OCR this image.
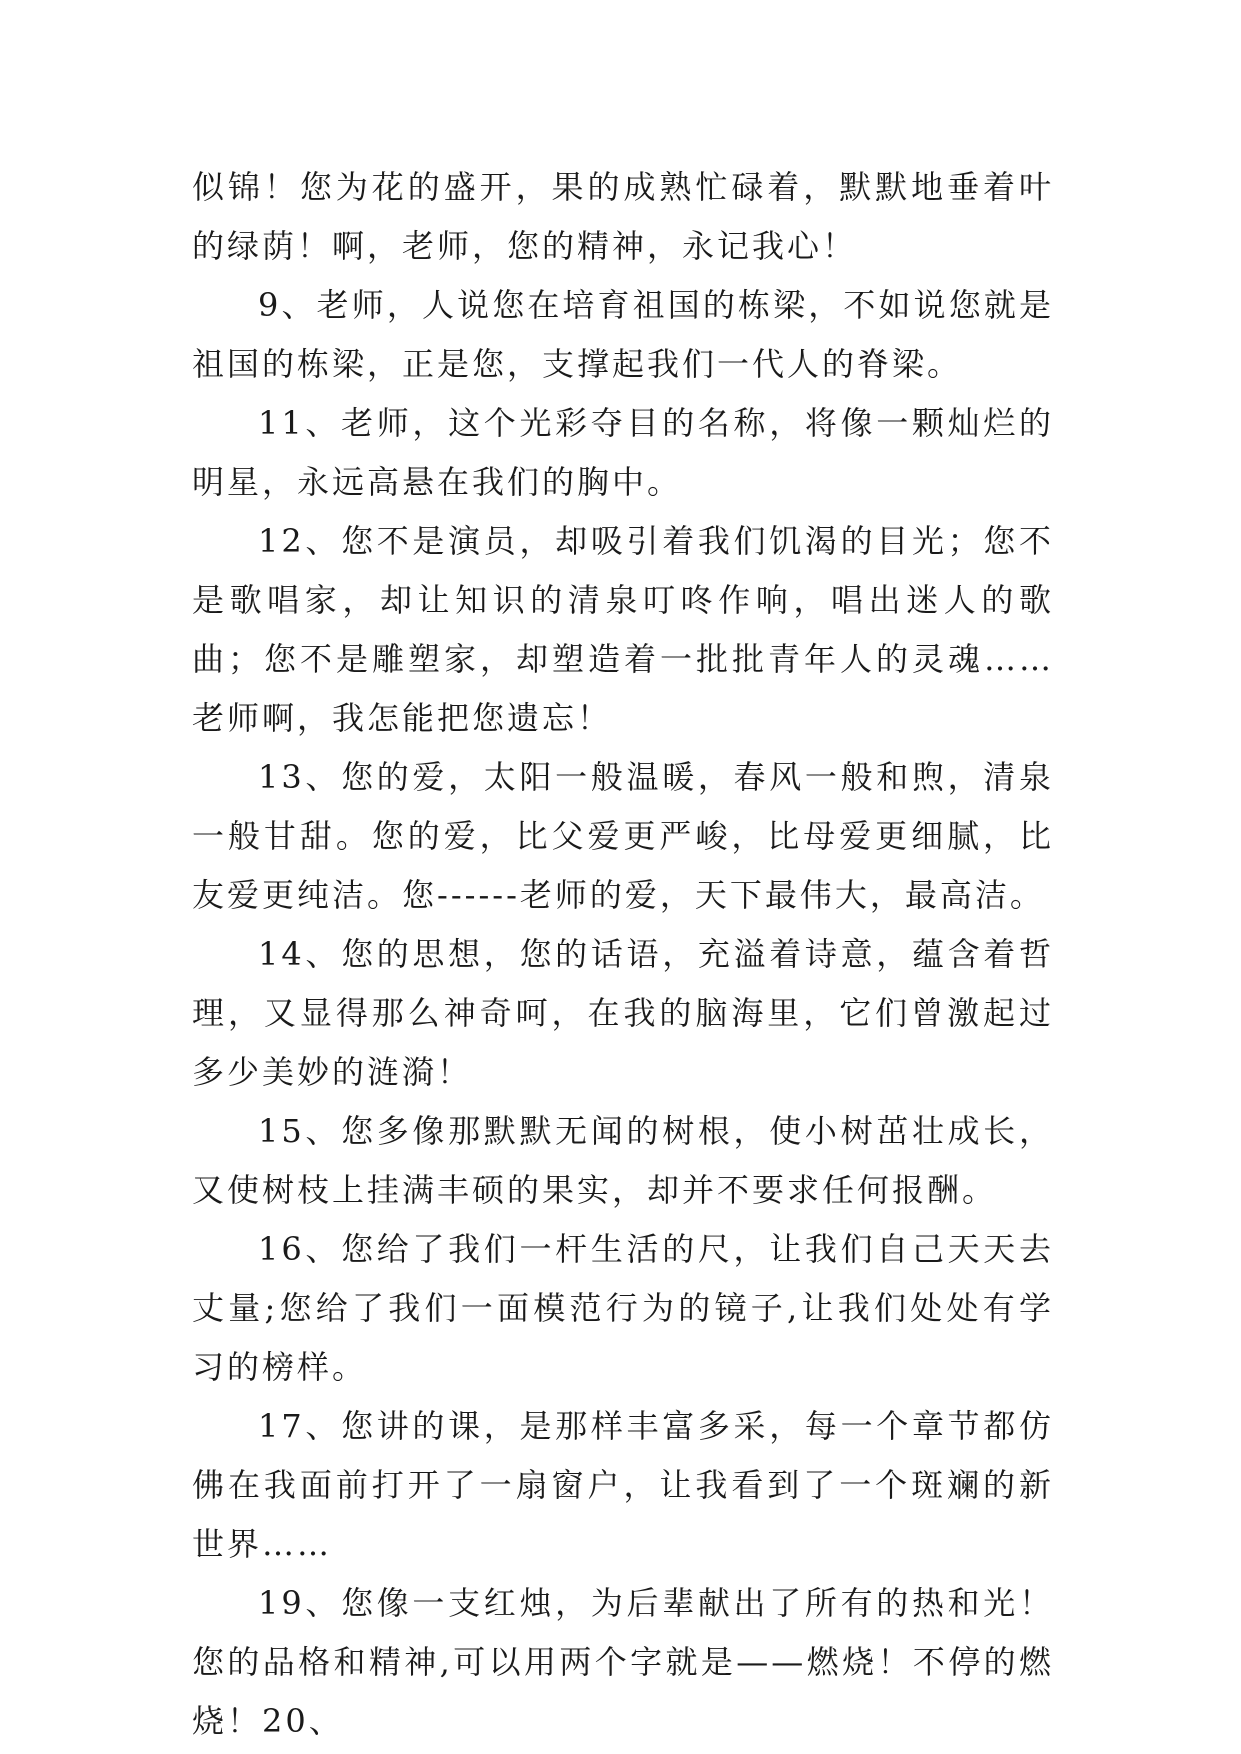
似锦！您为花的盛开，果的成熟忙碌着，默默地垂着叶的绿荫！啊，老师，您的精神，永记我心！

9、老师，人说您在培育祖国的栋梁，不如说您就是祖国的栋梁，正是您，支撑起我们一代人的脊梁。

11、老师，这个光彩夺目的名称，将像一颗灿烂的明星，永远高悬在我们的胸中。

12、您不是演员，却吸引着我们饥渴的目光；您不是歌唱家，却让知识的清泉叮咚作响，唱出迷人的歌曲；您不是雕塑家，却塑造着一批批青年人的灵魂……老师啊，我怎能把您遗忘！

13、您的爱，太阳一般温暖，春风一般和煦，清泉一般甘甜。您的爱，比父爱更严峻，比母爱更细腻，比友爱更纯洁。您------老师的爱，天下最伟大，最高洁。

14、您的思想，您的话语，充溢着诗意，蕴含着哲理，又显得那么神奇呵，在我的脑海里，它们曾激起过多少美妙的涟漪！

15、您多像那默默无闻的树根，使小树茁壮成长，又使树枝上挂满丰硕的果实，却并不要求任何报酬。

16、您给了我们一杆生活的尺，让我们自己天天去丈量;您给了我们一面模范行为的镜子,让我们处处有学习的榜样。

17、您讲的课，是那样丰富多采，每一个章节都仿佛在我面前打开了一扇窗户，让我看到了一个斑斓的新世界……

19、您像一支红烛，为后辈献出了所有的热和光！您的品格和精神,可以用两个字就是——燃烧！不停的燃烧！20、
